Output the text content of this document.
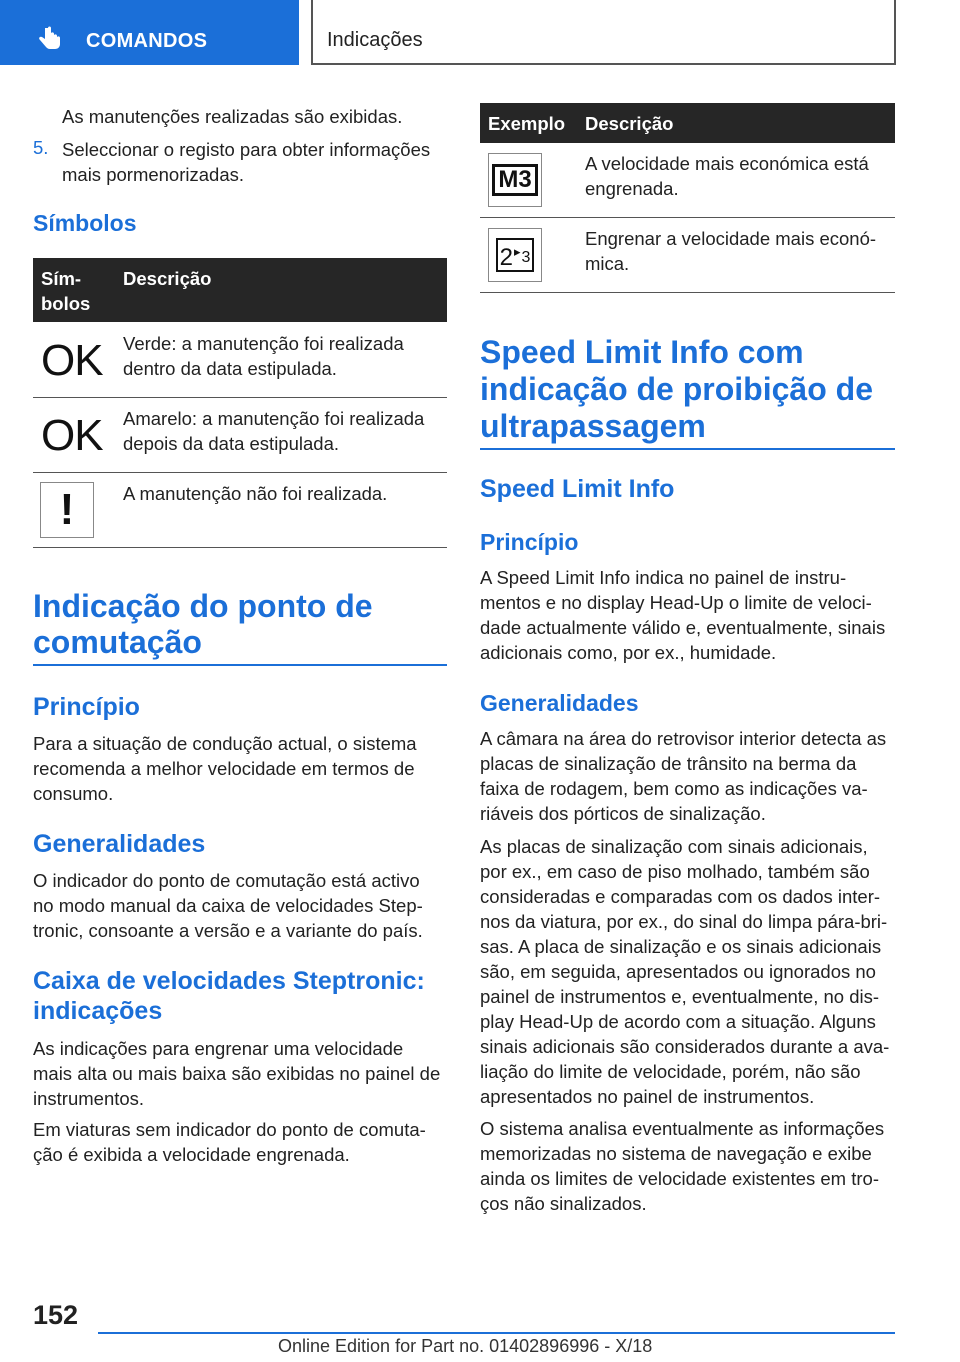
COMANDOS	Indicações

As manutenções realizadas são exibidas.

5. Seleccionar o registo para obter informações

mais pormenorizadas.

Símbolos
Sím-
bolos
Descrição
OK Verde: a manutenção foi realizada

dentro da data estipulada.

OK Amarelo: a manutenção foi realizada

depois da data estipulada.

!	A manutenção não foi realizada.

Indicação do ponto de
comutação
Princípio

Para a situação de condução actual, o sistema

recomenda a melhor velocidade em termos de

consumo.

Generalidades

O indicador do ponto de comutação está activo

no modo manual da caixa de velocidades Step-

tronic, consoante a versão e a variante do país.

Caixa de velocidades Steptronic:
indicações

As indicações para engrenar uma velocidade

mais alta ou mais baixa são exibidas no painel de

instrumentos.

Em viaturas sem indicador do ponto de comuta-

ção é exibida a velocidade engrenada.

Exemplo Descrição
M3

A velocidade mais económica está

engrenada.

2 ▸ 3

Engrenar a velocidade mais econó-

mica.

Speed Limit Info com
indicação de proibição de
ultrapassagem
Speed Limit Info
Princípio

A Speed Limit Info indica no painel de instru-

mentos e no display Head-Up o limite de veloci-

dade actualmente válido e, eventualmente, sinais

adicionais como, por ex., humidade.

Generalidades

A câmara na área do retrovisor interior detecta as

placas de sinalização de trânsito na berma da

faixa de rodagem, bem como as indicações va-

riáveis dos pórticos de sinalização.

As placas de sinalização com sinais adicionais,

por ex., em caso de piso molhado, também são

consideradas e comparadas com os dados inter-

nos da viatura, por ex., do sinal do limpa pára-bri-

sas. A placa de sinalização e os sinais adicionais

são, em seguida, apresentados ou ignorados no

painel de instrumentos e, eventualmente, no dis-

play Head-Up de acordo com a situação. Alguns

sinais adicionais são considerados durante a ava-

liação do limite de velocidade, porém, não são

apresentados no painel de instrumentos.

O sistema analisa eventualmente as informações

memorizadas no sistema de navegação e exibe

ainda os limites de velocidade existentes em tro-

ços não sinalizados.

152
Online Edition for Part no. 01402896996 - X/18
